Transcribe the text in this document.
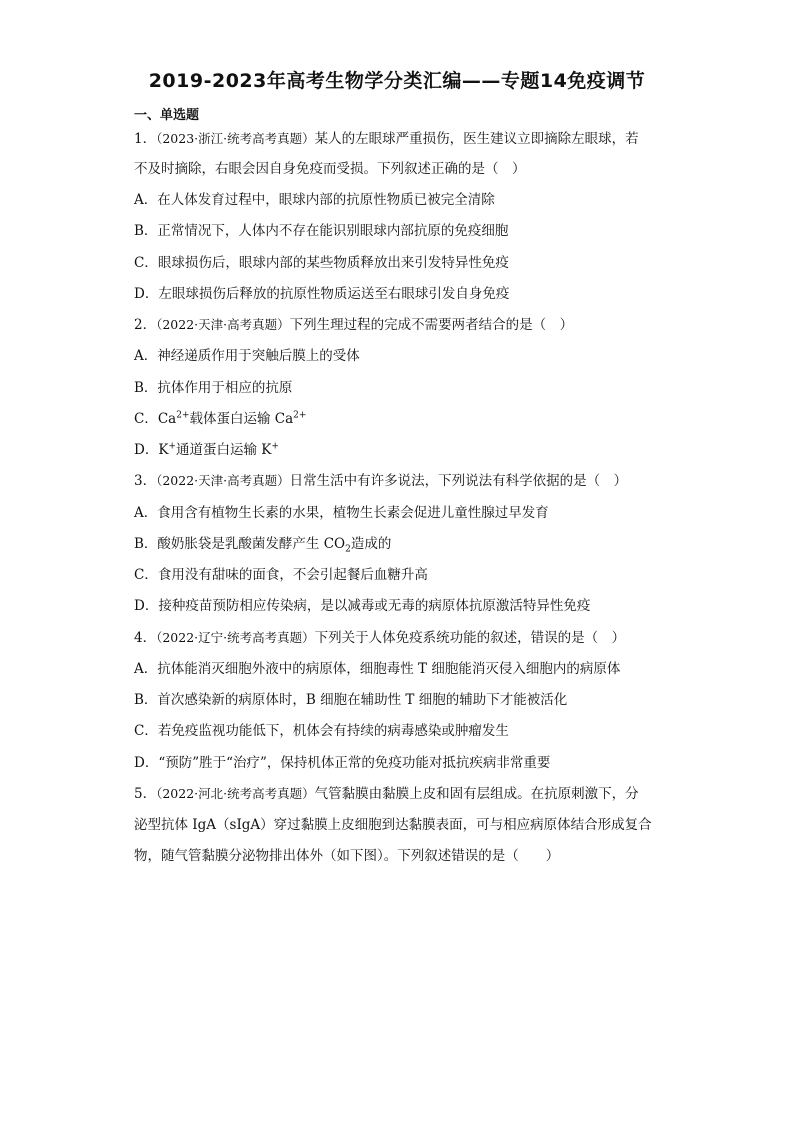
2019-2023年高考生物学分类汇编——专题14免疫调节
一、单选题
1．（2023·浙江·统考高考真题）某人的左眼球严重损伤，医生建议立即摘除左眼球，若
不及时摘除，右眼会因自身免疫而受损。下列叙述正确的是（　）
A．在人体发育过程中，眼球内部的抗原性物质已被完全清除
B．正常情况下，人体内不存在能识别眼球内部抗原的免疫细胞
C．眼球损伤后，眼球内部的某些物质释放出来引发特异性免疫
D．左眼球损伤后释放的抗原性物质运送至右眼球引发自身免疫
2．（2022·天津·高考真题）下列生理过程的完成不需要两者结合的是（　）
A．神经递质作用于突触后膜上的受体
B．抗体作用于相应的抗原
C．$Ca^{2+}$载体蛋白运输 $Ca^{2+}$
D．K+通道蛋白运输 K+
3．（2022·天津·高考真题）日常生活中有许多说法，下列说法有科学依据的是（　）
A．食用含有植物生长素的水果，植物生长素会促进儿童性腺过早发育
B．酸奶胀袋是乳酸菌发酵产生 $CO_2$造成的
C．食用没有甜味的面食，不会引起餐后血糖升高
D．接种疫苗预防相应传染病，是以减毒或无毒的病原体抗原激活特异性免疫
4．（2022·辽宁·统考高考真题）下列关于人体免疫系统功能的叙述，错误的是（　）
A．抗体能消灭细胞外液中的病原体，细胞毒性 T 细胞能消灭侵入细胞内的病原体
B．首次感染新的病原体时，B 细胞在辅助性 T 细胞的辅助下才能被活化
C．若免疫监视功能低下，机体会有持续的病毒感染或肿瘤发生
D．“预防”胜于“治疗”，保持机体正常的免疫功能对抵抗疾病非常重要
5．（2022·河北·统考高考真题）气管黏膜由黏膜上皮和固有层组成。在抗原刺激下，分
泌型抗体 IgA（sIgA）穿过黏膜上皮细胞到达黏膜表面，可与相应病原体结合形成复合
物，随气管黏膜分泌物排出体外（如下图）。下列叙述错误的是（　　）
